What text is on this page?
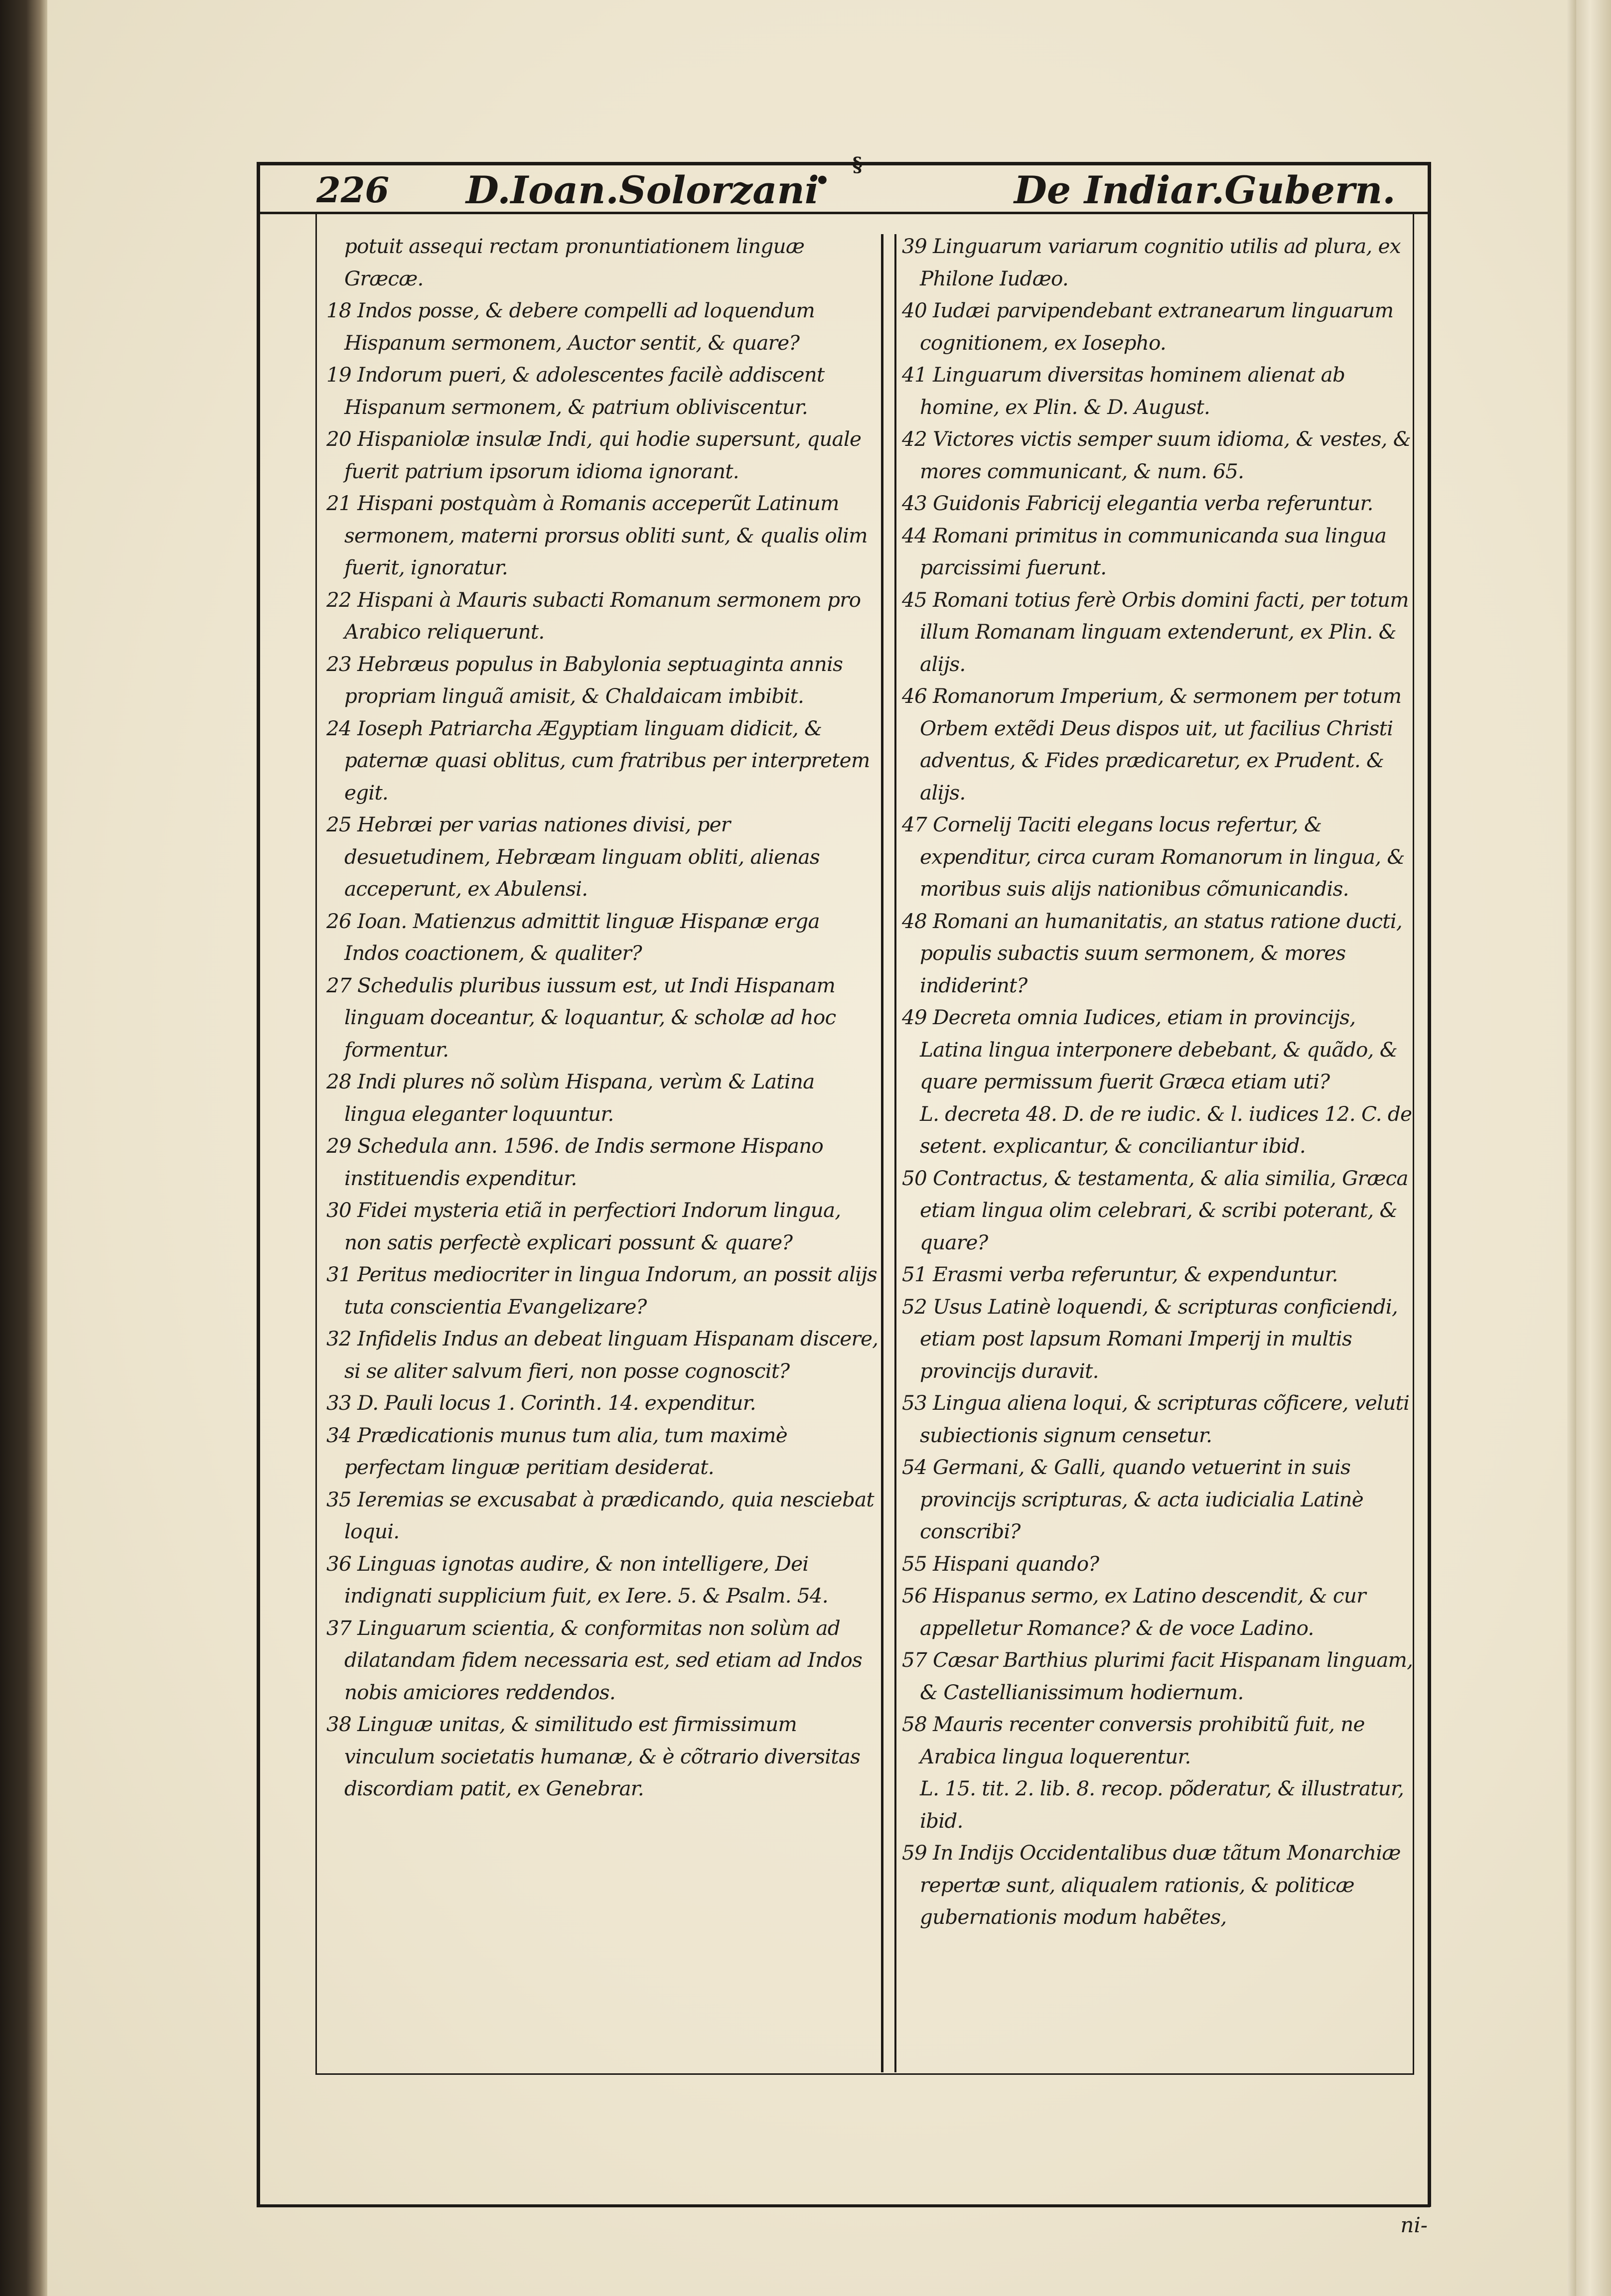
226 D.Ioan.Solorzani
•
§
De Indiar.Gubern.

potuit assequi rectam pronuntiationem linguæ Græcæ.

18 Indos posse, & debere compelli ad loquendum Hispanum sermonem, Auctor sentit, & quare?

19 Indorum pueri, & adolescentes facilè addiscent Hispanum sermonem, & patrium obliviscentur.

20 Hispaniolæ insulæ Indi, qui hodie supersunt, quale fuerit patrium ipsorum idioma ignorant.

21 Hispani postquàm à Romanis acceperũt Latinum sermonem, materni prorsus obliti sunt, & qualis olim fuerit, ignoratur.

22 Hispani à Mauris subacti Romanum sermonem pro Arabico reliquerunt.

23 Hebræus populus in Babylonia septuaginta annis propriam linguã amisit, & Chaldaicam imbibit.

24 Ioseph Patriarcha Ægyptiam linguam didicit, & paternæ quasi oblitus, cum fratribus per interpretem egit.

25 Hebræi per varias nationes divisi, per desuetudinem, Hebræam linguam obliti, alienas acceperunt, ex Abulensi.

26 Ioan. Matienzus admittit linguæ Hispanæ erga Indos coactionem, & qualiter?

27 Schedulis pluribus iussum est, ut Indi Hispanam linguam doceantur, & loquantur, & scholæ ad hoc formentur.

28 Indi plures nõ solùm Hispana, verùm & Latina lingua eleganter loquuntur.

29 Schedula ann. 1596. de Indis sermone Hispano instituendis expenditur.

30 Fidei mysteria etiã in perfectiori Indorum lingua, non satis perfectè explicari possunt & quare?

31 Peritus mediocriter in lingua Indorum, an possit alijs tuta conscientia Evangelizare?

32 Infidelis Indus an debeat linguam Hispanam discere, si se aliter salvum fieri, non posse cognoscit?

33 D. Pauli locus 1. Corinth. 14. expenditur.

34 Prædicationis munus tum alia, tum maximè perfectam linguæ peritiam desiderat.

35 Ieremias se excusabat à prædicando, quia nesciebat loqui.

36 Linguas ignotas audire, & non intelligere, Dei indignati supplicium fuit, ex Iere. 5. & Psalm. 54.

37 Linguarum scientia, & conformitas non solùm ad dilatandam fidem necessaria est, sed etiam ad Indos nobis amiciores reddendos.

38 Linguæ unitas, & similitudo est firmissimum vinculum societatis humanæ, & è cõtrario diversitas discordiam patit, ex Genebrar.

39 Linguarum variarum cognitio utilis ad plura, ex Philone Iudæo.

40 Iudæi parvipendebant extranearum linguarum cognitionem, ex Iosepho.

41 Linguarum diversitas hominem alienat ab homine, ex Plin. & D. August.

42 Victores victis semper suum idioma, & vestes, & mores communicant, & num. 65.

43 Guidonis Fabricij elegantia verba referuntur.

44 Romani primitus in communicanda sua lingua parcissimi fuerunt.

45 Romani totius ferè Orbis domini facti, per totum illum Romanam linguam extenderunt, ex Plin. & alijs.

46 Romanorum Imperium, & sermonem per totum Orbem extẽdi Deus dispos uit, ut facilius Christi adventus, & Fides prædicaretur, ex Prudent. & alijs.

47 Cornelij Taciti elegans locus refertur, & expenditur, circa curam Romanorum in lingua, & moribus suis alijs nationibus cõmunicandis.

48 Romani an humanitatis, an status ratione ducti, populis subactis suum sermonem, & mores indiderint?

49 Decreta omnia Iudices, etiam in provincijs, Latina lingua interponere debebant, & quãdo, & quare permissum fuerit Græca etiam uti?

L. decreta 48. D. de re iudic. & l. iudices 12. C. de setent. explicantur, & conciliantur ibid.

50 Contractus, & testamenta, & alia similia, Græca etiam lingua olim celebrari, & scribi poterant, & quare?

51 Erasmi verba referuntur, & expenduntur.

52 Usus Latinè loquendi, & scripturas conficiendi, etiam post lapsum Romani Imperij in multis provincijs duravit.

53 Lingua aliena loqui, & scripturas cõficere, veluti subiectionis signum censetur.

54 Germani, & Galli, quando vetuerint in suis provincijs scripturas, & acta iudicialia Latinè conscribi?

55 Hispani quando?

56 Hispanus sermo, ex Latino descendit, & cur appelletur Romance? & de voce Ladino.

57 Cæsar Barthius plurimi facit Hispanam linguam, & Castellianissimum hodiernum.

58 Mauris recenter conversis prohibitũ fuit, ne Arabica lingua loquerentur.

L. 15. tit. 2. lib. 8. recop. põderatur, & illustratur, ibid.

59 In Indijs Occidentalibus duæ tãtum Monarchiæ repertæ sunt, aliqualem rationis, & politicæ gubernationis modum habẽtes,

ni-
